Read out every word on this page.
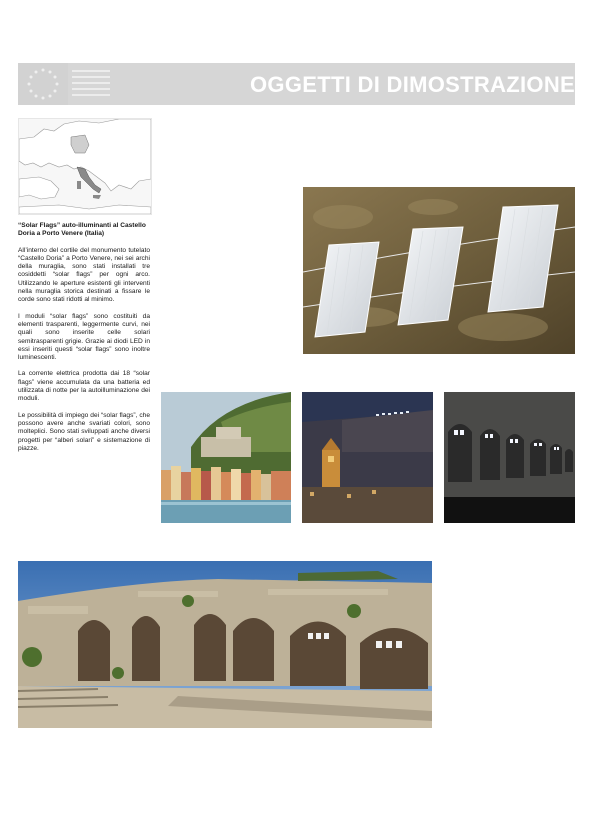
OGGETTI DI DIMOSTRAZIONE

“Solar Flags” auto-illuminanti al Castello Doria a Porto Venere (Italia)

All’interno del cortile del monumento tutelato “Castello Doria” a Porto Venere, nei sei archi della muraglia, sono stati installati tre cosiddetti “solar flags” per ogni arco. Utilizzando le aperture esistenti gli interventi nella muraglia storica destinati a fissare le corde sono stati ridotti al minimo.

I moduli “solar flags” sono costituiti da elementi trasparenti, leggermente curvi, nei quali sono inserite celle solari semitrasparenti grigie. Grazie ai diodi LED in essi inseriti questi “solar flags” sono inoltre luminescenti.

La corrente elettrica prodotta dai 18 “solar flags” viene accumulata da una batteria ed utilizzata di notte per la autoilluminazione dei moduli.

Le possibilità di impiego dei “solar flags”, che possono avere anche svariati colori, sono molteplici. Sono stati sviluppati anche diversi progetti per “alberi solari” e sistemazione di piazze.
